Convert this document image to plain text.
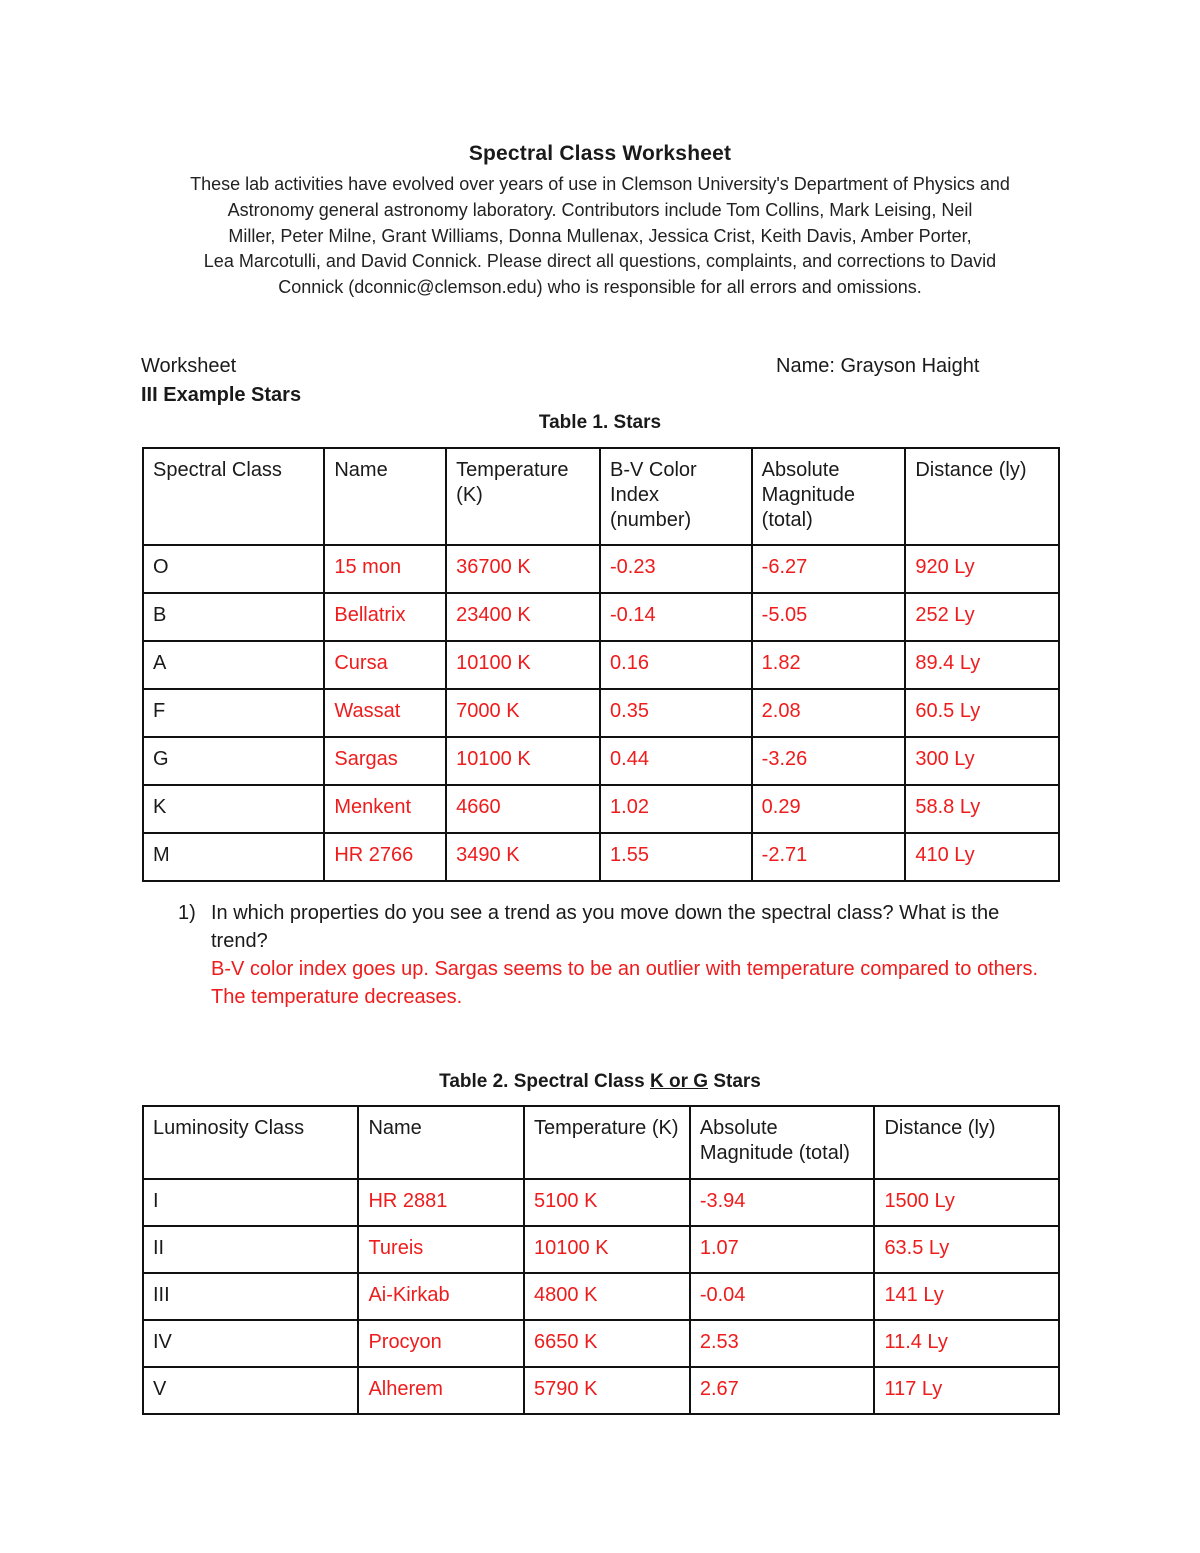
Spectral Class Worksheet
These lab activities have evolved over years of use in Clemson University's Department of Physics and
Astronomy general astronomy laboratory. Contributors include Tom Collins, Mark Leising, Neil
Miller, Peter Milne, Grant Williams, Donna Mullenax, Jessica Crist, Keith Davis, Amber Porter,
Lea Marcotulli, and David Connick. Please direct all questions, complaints, and corrections to David
Connick (dconnic@clemson.edu) who is responsible for all errors and omissions.
Worksheet	Name: Grayson Haight
III Example Stars
Table 1. Stars
Spectral Class	Name	Temperature (K)	B-V Color Index (number)	Absolute Magnitude (total)	Distance (ly)
O	15 mon	36700 K	-0.23	-6.27	920 Ly
B	Bellatrix	23400 K	-0.14	-5.05	252 Ly
A	Cursa	10100 K	0.16	1.82	89.4 Ly
F	Wassat	7000 K	0.35	2.08	60.5 Ly
G	Sargas	10100 K	0.44	-3.26	300 Ly
K	Menkent	4660	1.02	0.29	58.8 Ly
M	HR 2766	3490 K	1.55	-2.71	410 Ly
1) In which properties do you see a trend as you move down the spectral class? What is the trend?
B-V color index goes up. Sargas seems to be an outlier with temperature compared to others. The temperature decreases.
Table 2. Spectral Class K or G Stars
Luminosity Class	Name	Temperature (K)	Absolute Magnitude (total)	Distance (ly)
I	HR 2881	5100 K	-3.94	1500 Ly
II	Tureis	10100 K	1.07	63.5 Ly
III	Ai-Kirkab	4800 K	-0.04	141 Ly
IV	Procyon	6650 K	2.53	11.4 Ly
V	Alherem	5790 K	2.67	117 Ly
